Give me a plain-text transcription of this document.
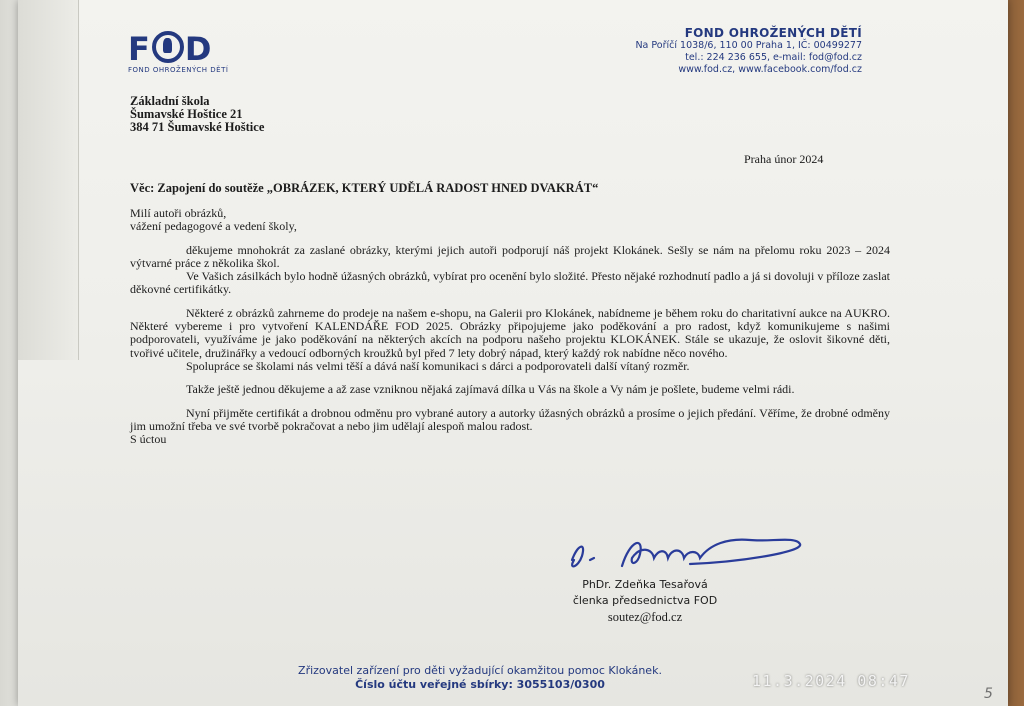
F D
FOND OHROŽENÝCH DĚTÍ
FOND OHROŽENÝCH DĚTÍ
Na Poříčí 1038/6, 110 00 Praha 1, IČ: 00499277
tel.: 224 236 655, e-mail: fod@fod.cz
www.fod.cz, www.facebook.com/fod.cz
Základní škola
Šumavské Hoštice 21
384 71 Šumavské Hoštice
Praha únor 2024
Věc: Zapojení do soutěže „OBRÁZEK, KTERÝ UDĚLÁ RADOST HNED DVAKRÁT“

Milí autoři obrázků,

vážení pedagogové a vedení školy,

děkujeme mnohokrát za zaslané obrázky, kterými jejich autoři podporují náš projekt Klokánek. Sešly se nám na přelomu roku 2023 – 2024 výtvarné práce z několika škol.

Ve Vašich zásilkách bylo hodně úžasných obrázků, vybírat pro ocenění bylo složité. Přesto nějaké rozhodnutí padlo a já si dovoluji v příloze zaslat děkovné certifikátky.

Některé z obrázků zahrneme do prodeje na našem e-shopu, na Galerii pro Klokánek, nabídneme je během roku do charitativní aukce na AUKRO. Některé vybereme i pro vytvoření KALENDÁŘE FOD 2025. Obrázky připojujeme jako poděkování a pro radost, když komunikujeme s našimi podporovateli, využíváme je jako poděkování na některých akcích na podporu našeho projektu KLOKÁNEK. Stále se ukazuje, že oslovit šikovné děti, tvořivé učitele, družinářky a vedoucí odborných kroužků byl před 7 lety dobrý nápad, který každý rok nabídne něco nového.

Spolupráce se školami nás velmi těší a dává naší komunikaci s dárci a podporovateli další vítaný rozměr.

Takže ještě jednou děkujeme a až zase vzniknou nějaká zajímavá dílka u Vás na škole a Vy nám je pošlete, budeme velmi rádi.

Nyní přijměte certifikát a drobnou odměnu pro vybrané autory a autorky úžasných obrázků a prosíme o jejich předání. Věříme, že drobné odměny jim umožní třeba ve své tvorbě pokračovat a nebo jim udělají alespoň malou radost.

S úctou

PhDr. Zdeňka Tesařová
členka předsednictva FOD
soutez@fod.cz
Zřizovatel zařízení pro děti vyžadující okamžitou pomoc Klokánek.
Číslo účtu veřejné sbírky: 3055103/0300	11.3.2024 08:47
5
